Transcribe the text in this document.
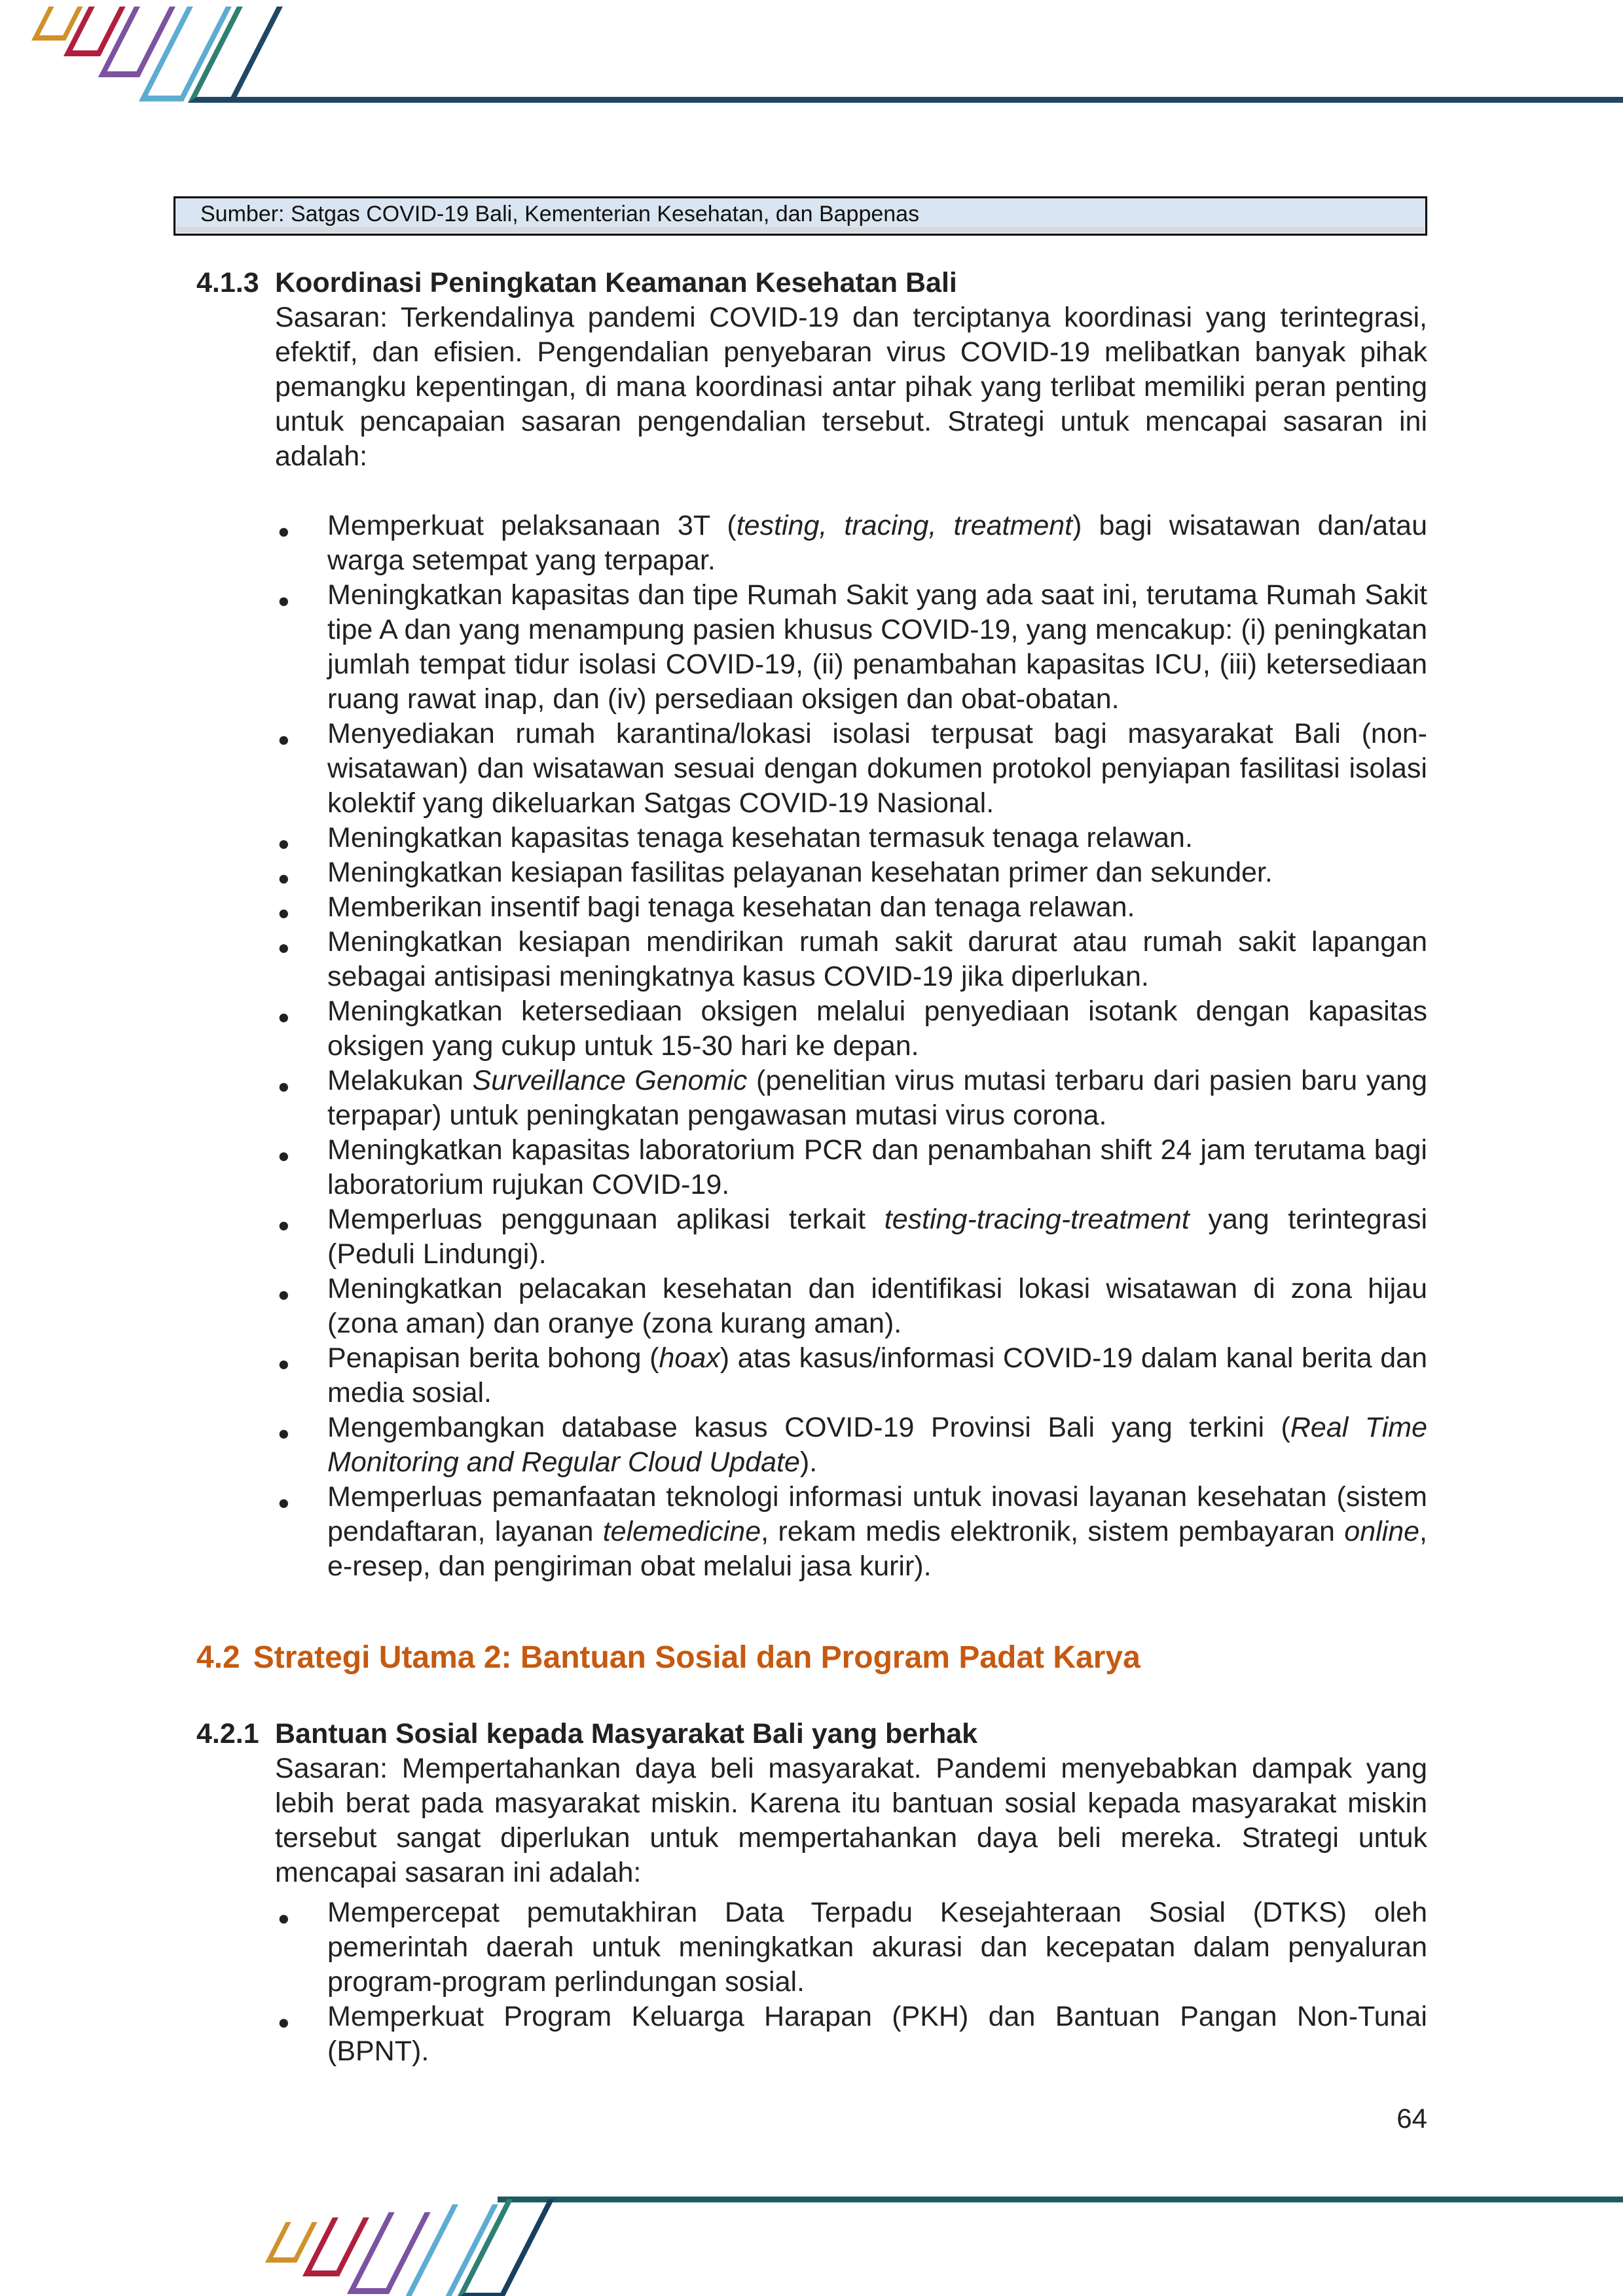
Sumber: Satgas COVID-19 Bali, Kementerian Kesehatan, dan Bappenas
4.1.3 Koordinasi Peningkatan Keamanan Kesehatan Bali

Sasaran: Terkendalinya pandemi COVID-19 dan terciptanya koordinasi yang terintegrasi, efektif, dan efisien. Pengendalian penyebaran virus COVID-19 melibatkan banyak pihak pemangku kepentingan, di mana koordinasi antar pihak yang terlibat memiliki peran penting untuk pencapaian sasaran pengendalian tersebut. Strategi untuk mencapai sasaran ini adalah:

● Memperkuat pelaksanaan 3T (testing, tracing, treatment) bagi wisatawan dan/atau warga setempat yang terpapar.
● Meningkatkan kapasitas dan tipe Rumah Sakit yang ada saat ini, terutama Rumah Sakit tipe A dan yang menampung pasien khusus COVID-19, yang mencakup: (i) peningkatan jumlah tempat tidur isolasi COVID-19, (ii) penambahan kapasitas ICU, (iii) ketersediaan ruang rawat inap, dan (iv) persediaan oksigen dan obat-obatan.
● Menyediakan rumah karantina/lokasi isolasi terpusat bagi masyarakat Bali (non-wisatawan) dan wisatawan sesuai dengan dokumen protokol penyiapan fasilitasi isolasi kolektif yang dikeluarkan Satgas COVID-19 Nasional.
● Meningkatkan kapasitas tenaga kesehatan termasuk tenaga relawan.
● Meningkatkan kesiapan fasilitas pelayanan kesehatan primer dan sekunder.
● Memberikan insentif bagi tenaga kesehatan dan tenaga relawan.
● Meningkatkan kesiapan mendirikan rumah sakit darurat atau rumah sakit lapangan sebagai antisipasi meningkatnya kasus COVID-19 jika diperlukan.
● Meningkatkan ketersediaan oksigen melalui penyediaan isotank dengan kapasitas oksigen yang cukup untuk 15-30 hari ke depan.
● Melakukan Surveillance Genomic (penelitian virus mutasi terbaru dari pasien baru yang terpapar) untuk peningkatan pengawasan mutasi virus corona.
● Meningkatkan kapasitas laboratorium PCR dan penambahan shift 24 jam terutama bagi laboratorium rujukan COVID-19.
● Memperluas penggunaan aplikasi terkait testing-tracing-treatment yang terintegrasi (Peduli Lindungi).
● Meningkatkan pelacakan kesehatan dan identifikasi lokasi wisatawan di zona hijau (zona aman) dan oranye (zona kurang aman).
● Penapisan berita bohong (hoax) atas kasus/informasi COVID-19 dalam kanal berita dan media sosial.
● Mengembangkan database kasus COVID-19 Provinsi Bali yang terkini (Real Time Monitoring and Regular Cloud Update).
● Memperluas pemanfaatan teknologi informasi untuk inovasi layanan kesehatan (sistem pendaftaran, layanan telemedicine, rekam medis elektronik, sistem pembayaran online, e-resep, dan pengiriman obat melalui jasa kurir).
4.2 Strategi Utama 2: Bantuan Sosial dan Program Padat Karya
4.2.1 Bantuan Sosial kepada Masyarakat Bali yang berhak

Sasaran: Mempertahankan daya beli masyarakat. Pandemi menyebabkan dampak yang lebih berat pada masyarakat miskin. Karena itu bantuan sosial kepada masyarakat miskin tersebut sangat diperlukan untuk mempertahankan daya beli mereka. Strategi untuk mencapai sasaran ini adalah:

● Mempercepat pemutakhiran Data Terpadu Kesejahteraan Sosial (DTKS) oleh pemerintah daerah untuk meningkatkan akurasi dan kecepatan dalam penyaluran program-program perlindungan sosial.
● Memperkuat Program Keluarga Harapan (PKH) dan Bantuan Pangan Non-Tunai (BPNT).
64
